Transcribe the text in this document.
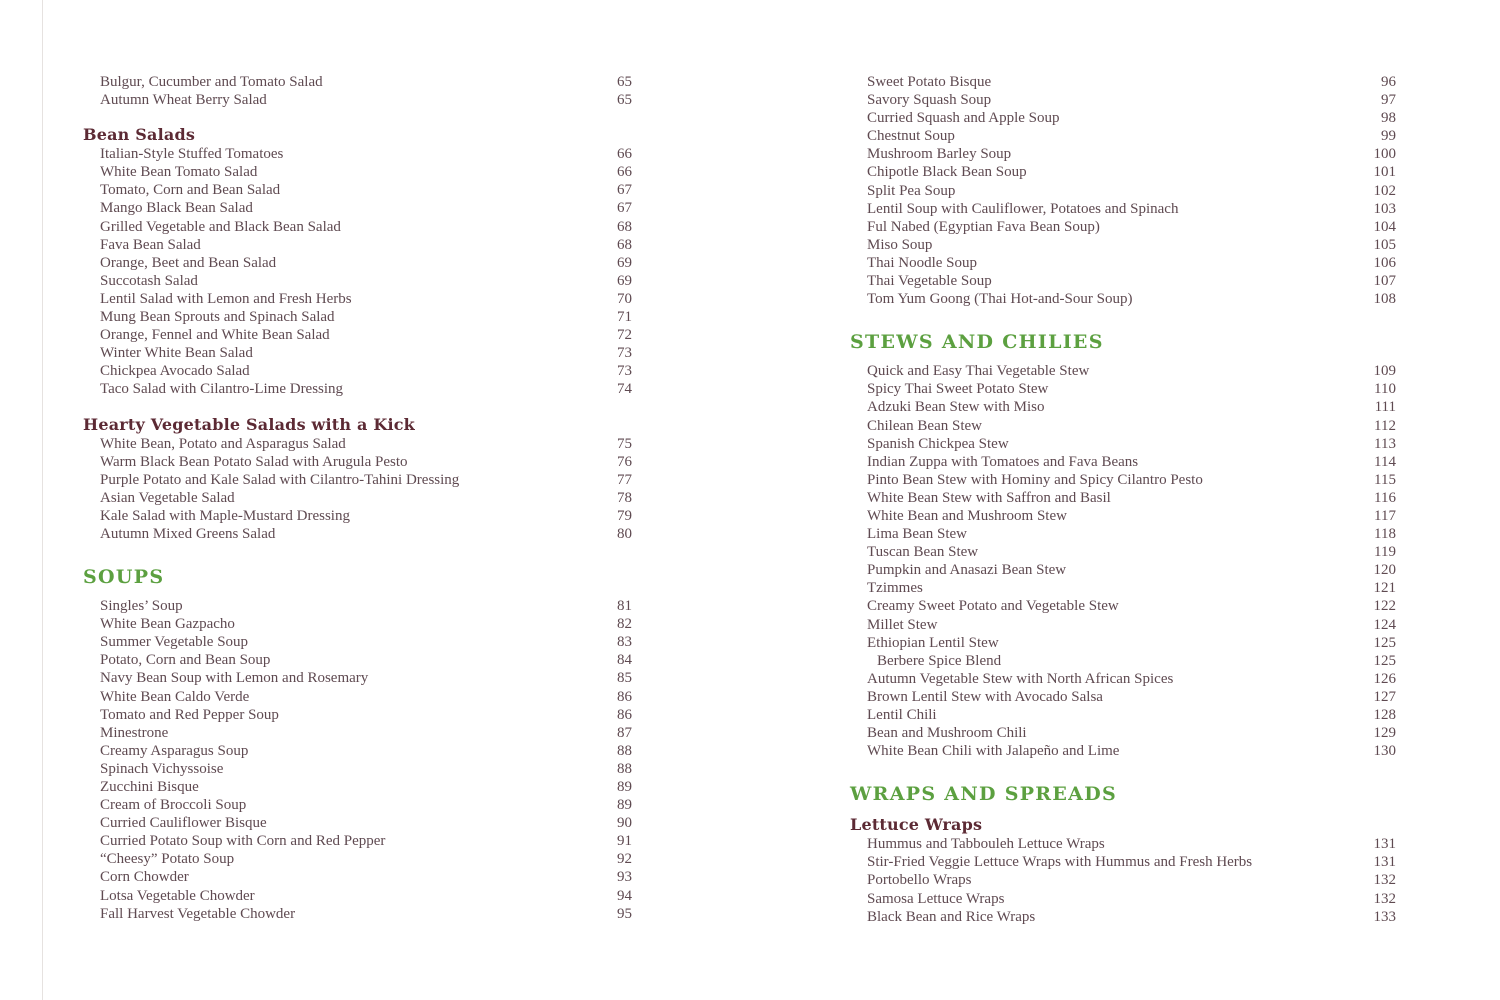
Bulgur, Cucumber and Tomato Salad	65
Autumn Wheat Berry Salad	65
Bean Salads
Italian-Style Stuffed Tomatoes	66
White Bean Tomato Salad	66
Tomato, Corn and Bean Salad	67
Mango Black Bean Salad	67
Grilled Vegetable and Black Bean Salad	68
Fava Bean Salad	68
Orange, Beet and Bean Salad	69
Succotash Salad	69
Lentil Salad with Lemon and Fresh Herbs	70
Mung Bean Sprouts and Spinach Salad	71
Orange, Fennel and White Bean Salad	72
Winter White Bean Salad	73
Chickpea Avocado Salad	73
Taco Salad with Cilantro-Lime Dressing	74
Hearty Vegetable Salads with a Kick
White Bean, Potato and Asparagus Salad	75
Warm Black Bean Potato Salad with Arugula Pesto	76
Purple Potato and Kale Salad with Cilantro-Tahini Dressing	77
Asian Vegetable Salad	78
Kale Salad with Maple-Mustard Dressing	79
Autumn Mixed Greens Salad	80
SOUPS
Singles’ Soup	81
White Bean Gazpacho	82
Summer Vegetable Soup	83
Potato, Corn and Bean Soup	84
Navy Bean Soup with Lemon and Rosemary	85
White Bean Caldo Verde	86
Tomato and Red Pepper Soup	86
Minestrone	87
Creamy Asparagus Soup	88
Spinach Vichyssoise	88
Zucchini Bisque	89
Cream of Broccoli Soup	89
Curried Cauliflower Bisque	90
Curried Potato Soup with Corn and Red Pepper	91
“Cheesy” Potato Soup	92
Corn Chowder	93
Lotsa Vegetable Chowder	94
Fall Harvest Vegetable Chowder	95
Sweet Potato Bisque	96
Savory Squash Soup	97
Curried Squash and Apple Soup	98
Chestnut Soup	99
Mushroom Barley Soup	100
Chipotle Black Bean Soup	101
Split Pea Soup	102
Lentil Soup with Cauliflower, Potatoes and Spinach	103
Ful Nabed (Egyptian Fava Bean Soup)	104
Miso Soup	105
Thai Noodle Soup	106
Thai Vegetable Soup	107
Tom Yum Goong (Thai Hot-and-Sour Soup)	108
STEWS AND CHILIES
Quick and Easy Thai Vegetable Stew	109
Spicy Thai Sweet Potato Stew	110
Adzuki Bean Stew with Miso	111
Chilean Bean Stew	112
Spanish Chickpea Stew	113
Indian Zuppa with Tomatoes and Fava Beans	114
Pinto Bean Stew with Hominy and Spicy Cilantro Pesto	115
White Bean Stew with Saffron and Basil	116
White Bean and Mushroom Stew	117
Lima Bean Stew	118
Tuscan Bean Stew	119
Pumpkin and Anasazi Bean Stew	120
Tzimmes	121
Creamy Sweet Potato and Vegetable Stew	122
Millet Stew	124
Ethiopian Lentil Stew	125
Berbere Spice Blend	125
Autumn Vegetable Stew with North African Spices	126
Brown Lentil Stew with Avocado Salsa	127
Lentil Chili	128
Bean and Mushroom Chili	129
White Bean Chili with Jalapeño and Lime	130
WRAPS AND SPREADS
Lettuce Wraps
Hummus and Tabbouleh Lettuce Wraps	131
Stir-Fried Veggie Lettuce Wraps with Hummus and Fresh Herbs	131
Portobello Wraps	132
Samosa Lettuce Wraps	132
Black Bean and Rice Wraps	133
